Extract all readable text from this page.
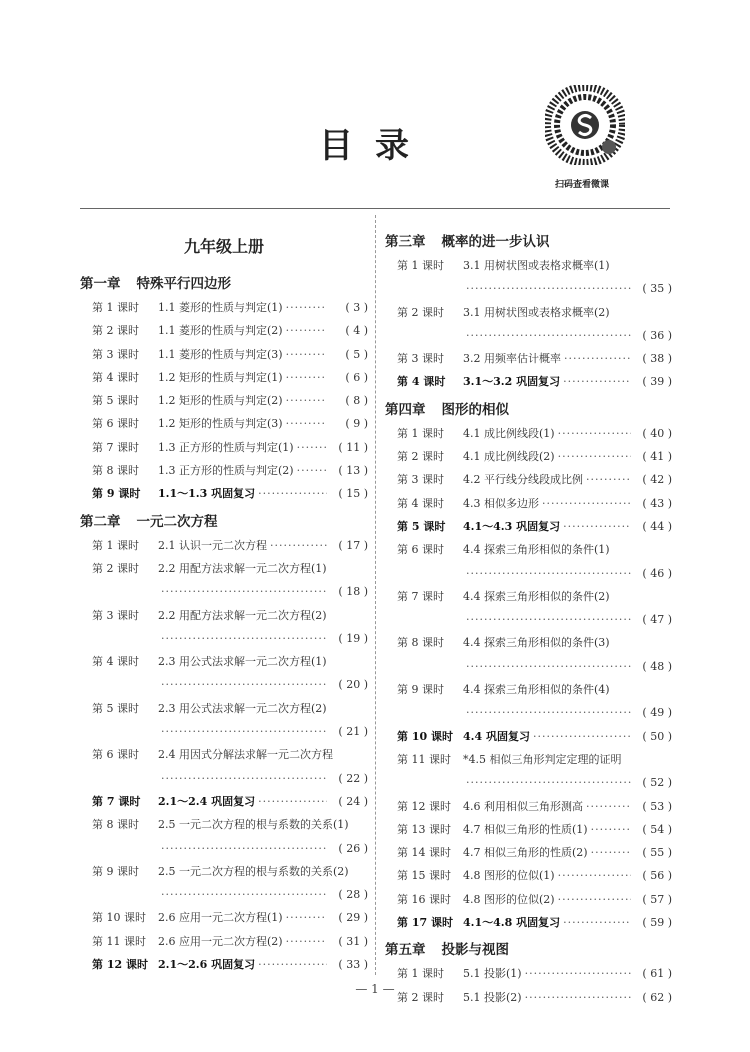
目录
扫码查看微课
九年级上册
第一章 特殊平行四边形
第 1 课时	1.1 菱形的性质与判定(1) ·····	( 3 )
第 2 课时	1.1 菱形的性质与判定(2) ·····	( 4 )
第 3 课时	1.1 菱形的性质与判定(3) ·····	( 5 )
第 4 课时	1.2 矩形的性质与判定(1) ·····	( 6 )
第 5 课时	1.2 矩形的性质与判定(2) ·····	( 8 )
第 6 课时	1.2 矩形的性质与判定(3) ·····	( 9 )
第 7 课时	1.3 正方形的性质与判定(1) ·····	( 11 )
第 8 课时	1.3 正方形的性质与判定(2) ·····	( 13 )
第 9 课时	1.1～1.3 巩固复习 ·····	( 15 )
第二章 一元二次方程
第 1 课时	2.1 认识一元二次方程 ·····	( 17 )
第 2 课时	2.2 用配方法求解一元二次方程(1)
·····
( 18 )
第 3 课时	2.2 用配方法求解一元二次方程(2)
·····
( 19 )
第 4 课时	2.3 用公式法求解一元二次方程(1)
·····
( 20 )
第 5 课时	2.3 用公式法求解一元二次方程(2)
·····
( 21 )
第 6 课时	2.4 用因式分解法求解一元二次方程
·····
( 22 )
第 7 课时	2.1～2.4 巩固复习 ·····	( 24 )
第 8 课时	2.5 一元二次方程的根与系数的关系(1)
·····
( 26 )
第 9 课时	2.5 一元二次方程的根与系数的关系(2)
·····
( 28 )
第 10 课时	2.6 应用一元二次方程(1) ·····	( 29 )
第 11 课时	2.6 应用一元二次方程(2) ·····	( 31 )
第 12 课时 2.1～2.6 巩固复习 ·····	( 33 )
第三章 概率的进一步认识
第 1 课时	3.1 用树状图或表格求概率(1)
·····
( 35 )
第 2 课时	3.1 用树状图或表格求概率(2)
·····
( 36 )
第 3 课时	3.2 用频率估计概率 ·····	( 38 )
第 4 课时	3.1～3.2 巩固复习 ·····	( 39 )
第四章 图形的相似
第 1 课时	4.1 成比例线段(1) ·····	( 40 )
第 2 课时	4.1 成比例线段(2) ·····	( 41 )
第 3 课时	4.2 平行线分线段成比例 ·····	( 42 )
第 4 课时	4.3 相似多边形 ·····	( 43 )
第 5 课时	4.1～4.3 巩固复习 ·····	( 44 )
第 6 课时	4.4 探索三角形相似的条件(1)
·····
( 46 )
第 7 课时	4.4 探索三角形相似的条件(2)
·····
( 47 )
第 8 课时	4.4 探索三角形相似的条件(3)
·····
( 48 )
第 9 课时	4.4 探索三角形相似的条件(4)
·····
( 49 )
第 10 课时 4.4 巩固复习 ·····	( 50 )
第 11 课时	*4.5 相似三角形判定定理的证明
·····
( 52 )
第 12 课时	4.6 利用相似三角形测高 ·····	( 53 )
第 13 课时	4.7 相似三角形的性质(1) ·····	( 54 )
第 14 课时	4.7 相似三角形的性质(2) ·····	( 55 )
第 15 课时	4.8 图形的位似(1) ·····	( 56 )
第 16 课时	4.8 图形的位似(2) ·····	( 57 )
第 17 课时 4.1～4.8 巩固复习 ·····	( 59 )
第五章 投影与视图
第 1 课时	5.1 投影(1) ·····	( 61 )
第 2 课时	5.1 投影(2) ·····	( 62 )
— 1 —
